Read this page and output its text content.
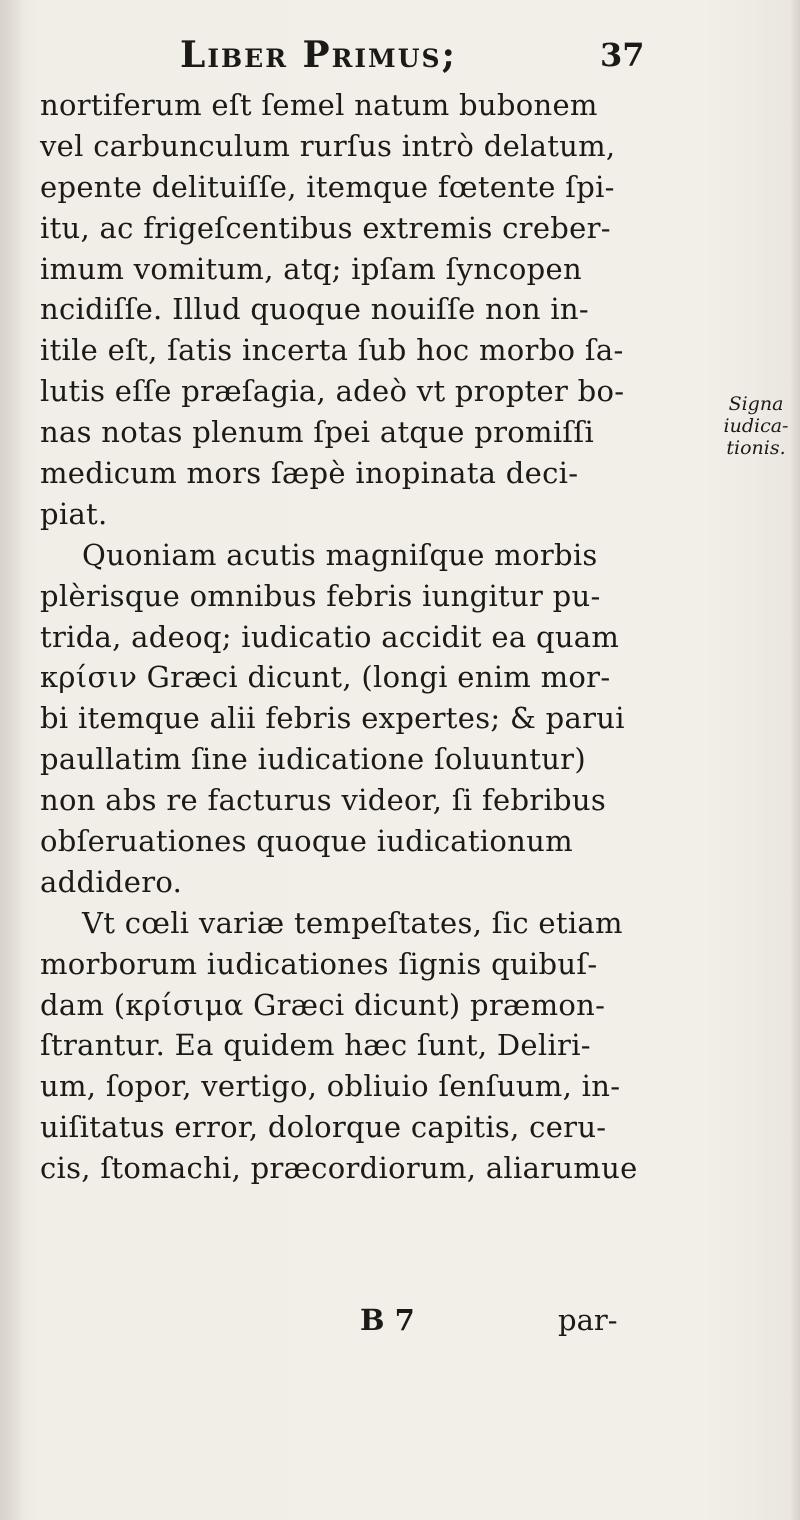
Liber Primus;	37
nortiferum eſt ſemel natum bubonem
vel carbunculum rurſus intrò delatum,
epente delituiſſe, itemque fœtente ſpi-
itu, ac frigeſcentibus extremis creber-
imum vomitum, atq; ipſam ſyncopen
ncidiſſe. Illud quoque nouiſſe non in-
itile eſt, ſatis incerta ſub hoc morbo ſa-
lutis eſſe præſagia, adeò vt propter bo-
nas notas plenum ſpei atque promiſſi
medicum mors ſæpè inopinata deci-
piat.
Quoniam acutis magniſque morbis
plèrisque omnibus febris iungitur pu-
trida, adeoq; iudicatio accidit ea quam
κρίσιν Græci dicunt, (longi enim mor-
bi itemque alii febris expertes; & parui
paullatim ſine iudicatione ſoluuntur)
non abs re facturus videor, ſi febribus
obſeruationes quoque iudicationum
addidero.
Vt cœli variæ tempeſtates, ſic etiam
morborum iudicationes ſignis quibuſ-
dam (κρίσιμα Græci dicunt) præmon-
ſtrantur. Ea quidem hæc ſunt, Deliri-
um, ſopor, vertigo, obliuio ſenſuum, in-
uiſitatus error, dolorque capitis, ceru-
cis, ſtomachi, præcordiorum, aliarumue
Signa
iudica-
tionis.
B 7	par-
